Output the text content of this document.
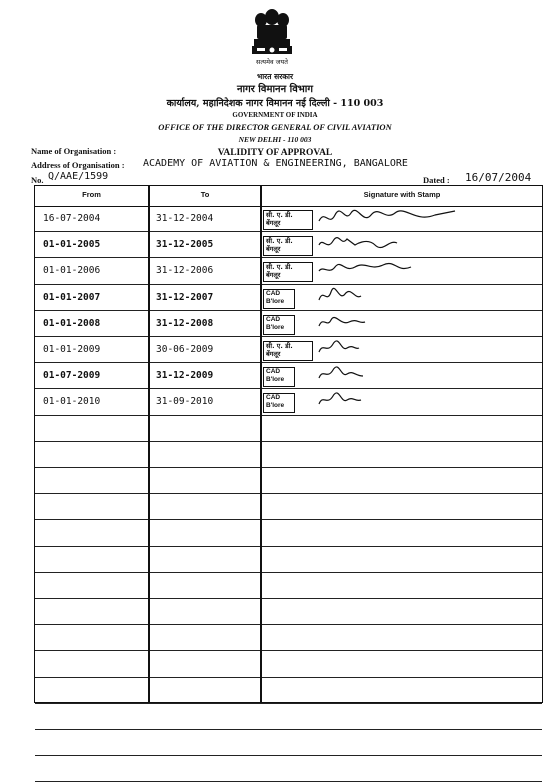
सत्यमेव जयते
भारत सरकार
नागर विमानन विभाग
कार्यालय, महानिदेशक नागर विमानन नई दिल्ली - 110 003
GOVERNMENT OF INDIA
OFFICE OF THE DIRECTOR GENERAL OF CIVIL AVIATION
NEW DELHI - 110 003
VALIDITY OF APPROVAL
Name of Organisation :
Address of Organisation : ACADEMY OF AVIATION & ENGINEERING, BANGALORE
No. Q/AAE/1599	Dated : 16/07/2004
From	To	Signature with Stamp
16-07-2004	31-12-2004	सी. ए. डी.
बेंगलूर
01-01-2005	31-12-2005	सी. ए. डी.
बेंगलूर
01-01-2006	31-12-2006	सी. ए. डी.
बेंगलूर
01-01-2007	31-12-2007	CAD
B'lore
01-01-2008	31-12-2008	CAD
B'lore
01-01-2009	30-06-2009	सी. ए. डी.
बेंगलूर
01-07-2009	31-12-2009	CAD
B'lore
01-01-2010	31-09-2010	CAD
B'lore
